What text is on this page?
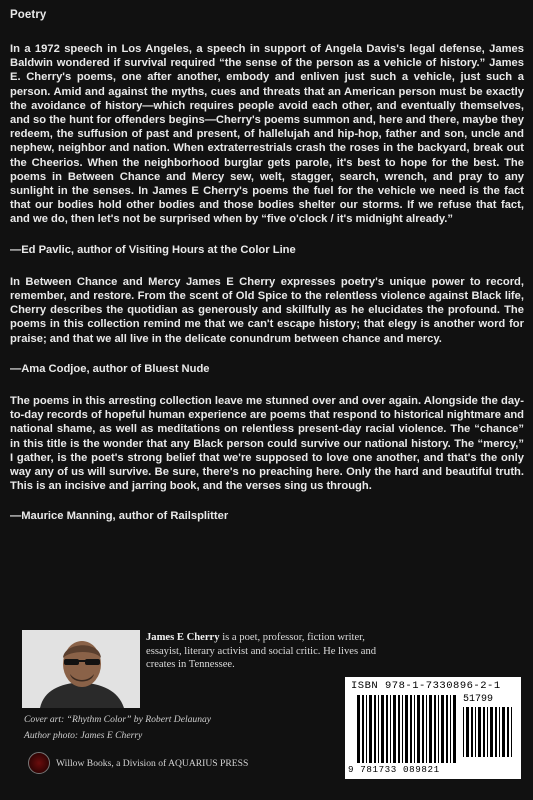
Poetry

In a 1972 speech in Los Angeles, a speech in support of Angela Davis's legal defense, James Baldwin wondered if survival required “the sense of the person as a vehicle of history.” James E. Cherry's poems, one after another, embody and enliven just such a vehicle, just such a person. Amid and against the myths, cues and threats that an American person must be exactly the avoidance of history—which requires people avoid each other, and eventually themselves, and so the hunt for offenders begins—Cherry's poems summon and, here and there, maybe they redeem, the suffusion of past and present, of hallelujah and hip-hop, father and son, uncle and nephew, neighbor and nation. When extraterrestrials crash the roses in the backyard, break out the Cheerios. When the neighborhood burglar gets parole, it's best to hope for the best. The poems in Between Chance and Mercy sew, welt, stagger, search, wrench, and pray to any sunlight in the senses. In James E Cherry's poems the fuel for the vehicle we need is the fact that our bodies hold other bodies and those bodies shelter our storms. If we refuse that fact, and we do, then let's not be surprised when by “five o'clock / it's midnight already.”

—Ed Pavlic, author of Visiting Hours at the Color Line

In Between Chance and Mercy James E Cherry expresses poetry's unique power to record, remember, and restore. From the scent of Old Spice to the relentless violence against Black life, Cherry describes the quotidian as generously and skillfully as he elucidates the profound. The poems in this collection remind me that we can't escape history; that elegy is another word for praise; and that we all live in the delicate conundrum between chance and mercy.

—Ama Codjoe, author of Bluest Nude

The poems in this arresting collection leave me stunned over and over again. Alongside the day-to-day records of hopeful human experience are poems that respond to historical nightmare and national shame, as well as meditations on relentless present-day racial violence. The “chance” in this title is the wonder that any Black person could survive our national history. The “mercy,” I gather, is the poet's strong belief that we're supposed to love one another, and that's the only way any of us will survive. Be sure, there's no preaching here. Only the hard and beautiful truth. This is an incisive and jarring book, and the verses sing us through.

—Maurice Manning, author of Railsplitter

James E Cherry is a poet, professor, fiction writer, essayist, literary activist and social critic. He lives and creates in Tennessee.
Cover art: “Rhythm Color” by Robert Delaunay
Author photo: James E Cherry
Willow Books, a Division of AQUARIUS PRESS
ISBN 978-1-7330896-2-1
51799
9 781733 089821
